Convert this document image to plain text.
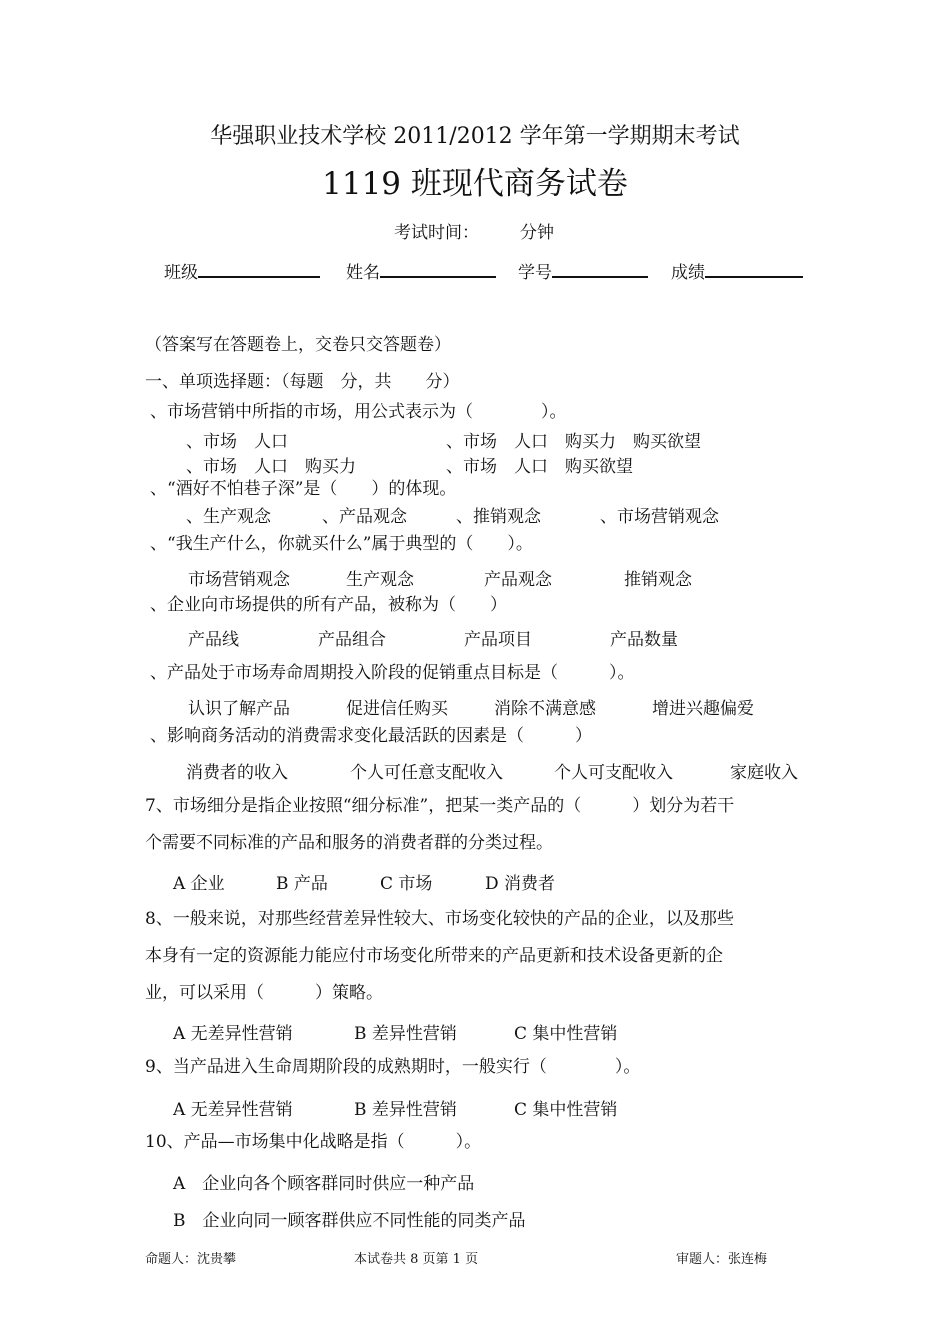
华强职业技术学校 2011/2012 学年第一学期期末考试
1119 班现代商务试卷
考试时间： 分钟
班级	姓名	学号	成绩
（答案写在答题卷上，交卷只交答题卷）
一、单项选择题：（每题　分，共　　分）
、市场营销中所指的市场，用公式表示为（　　　　）。
、市场　人口	、市场　人口　购买力　购买欲望
、市场　人口　购买力	、市场　人口　购买欲望
、“酒好不怕巷子深”是（　　）的体现。
、生产观念	、产品观念	、推销观念	、市场营销观念
、“我生产什么，你就买什么”属于典型的（　　）。
市场营销观念	生产观念	产品观念	推销观念
、企业向市场提供的所有产品，被称为（　　）
产品线	产品组合	产品项目	产品数量
、产品处于市场寿命周期投入阶段的促销重点目标是（　　　）。
认识了解产品	促进信任购买	消除不满意感	增进兴趣偏爱
、影响商务活动的消费需求变化最活跃的因素是（　　　）
消费者的收入	个人可任意支配收入	个人可支配收入	家庭收入
7、市场细分是指企业按照“细分标准”，把某一类产品的（　　　）划分为若干
个需要不同标准的产品和服务的消费者群的分类过程。
A 企业	B 产品	C 市场	D 消费者
8、一般来说，对那些经营差异性较大、市场变化较快的产品的企业，以及那些
本身有一定的资源能力能应付市场变化所带来的产品更新和技术设备更新的企
业，可以采用（　　　）策略。
A 无差异性营销	B 差异性营销	C 集中性营销
9、当产品进入生命周期阶段的成熟期时，一般实行（　　　　）。
A 无差异性营销	B 差异性营销	C 集中性营销
10、产品—市场集中化战略是指（　　　）。
A　企业向各个顾客群同时供应一种产品
B　企业向同一顾客群供应不同性能的同类产品
命题人：沈贵攀	本试卷共 8 页第 1 页	审题人：张连梅
